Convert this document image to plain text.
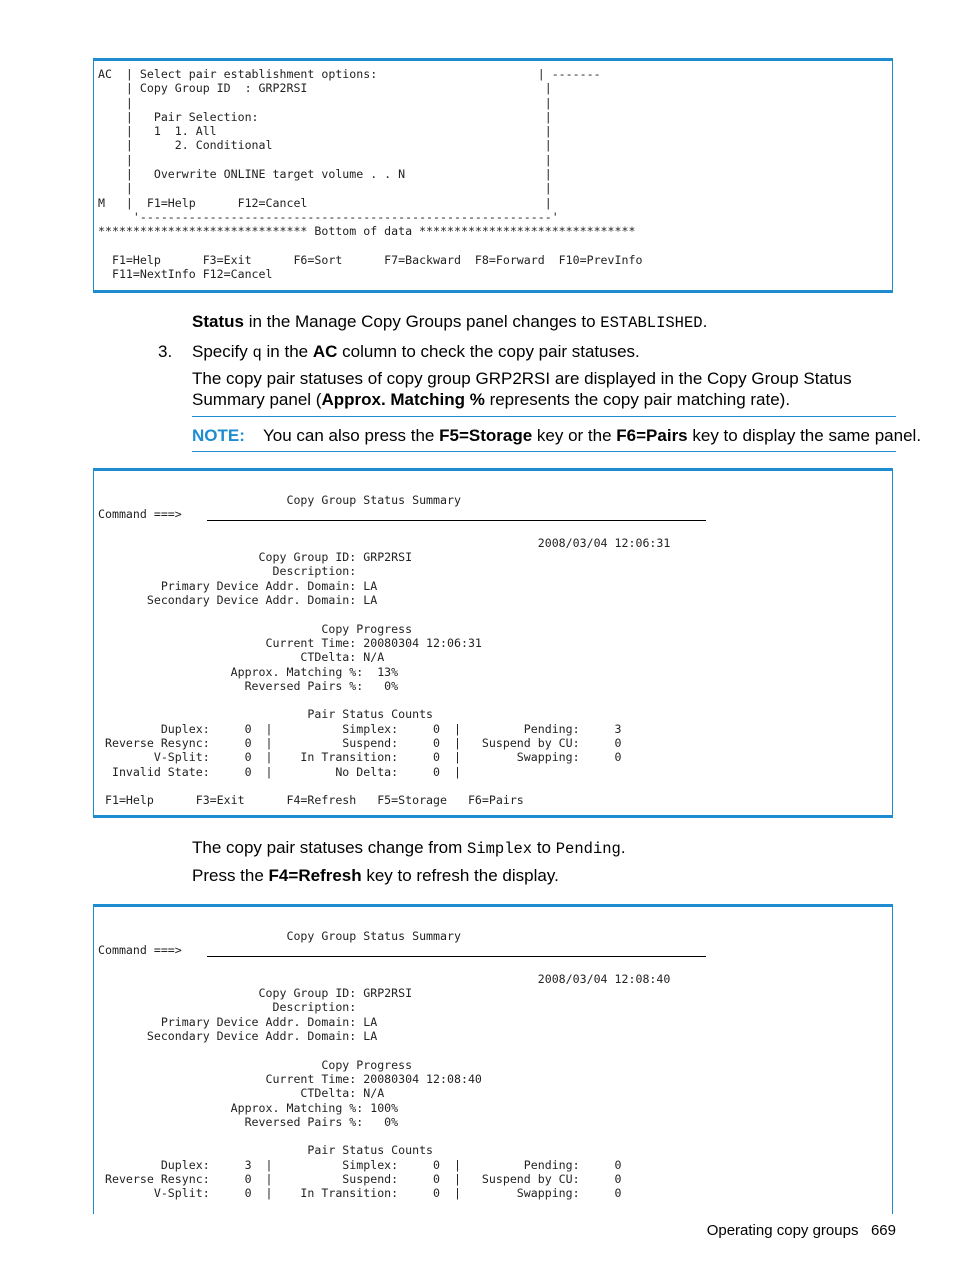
AC  | Select pair establishment options:                       | -------
| Copy Group ID  : GRP2RSI                                  |
|                                                           |
|   Pair Selection:                                         |
|   1  1. All                                               |
|      2. Conditional                                       |
|                                                           |
|   Overwrite ONLINE target volume . . N                    |
|                                                           |
M   |  F1=Help      F12=Cancel                                  |
'-----------------------------------------------------------'
****************************** Bottom of data *******************************

F1=Help      F3=Exit      F6=Sort      F7=Backward  F8=Forward  F10=PrevInfo
F11=NextInfo F12=Cancel
Status in the Manage Copy Groups panel changes to ESTABLISHED.
3. Specify q in the AC column to check the copy pair statuses.
The copy pair statuses of copy group GRP2RSI are displayed in the Copy Group Status
Summary panel (Approx. Matching % represents the copy pair matching rate).
NOTE: You can also press the F5=Storage key or the F6=Pairs key to display the same panel.
Copy Group Status Summary
Command ===>

2008/03/04 12:06:31
Copy Group ID: GRP2RSI
Description:
Primary Device Addr. Domain: LA
Secondary Device Addr. Domain: LA

Copy Progress
Current Time: 20080304 12:06:31
CTDelta: N/A
Approx. Matching %:  13%
Reversed Pairs %:   0%

Pair Status Counts
Duplex:     0  |          Simplex:     0  |         Pending:     3
Reverse Resync:     0  |          Suspend:     0  |   Suspend by CU:     0
V-Split:     0  |    In Transition:     0  |        Swapping:     0
Invalid State:     0  |         No Delta:     0  |

F1=Help      F3=Exit      F4=Refresh   F5=Storage   F6=Pairs
The copy pair statuses change from Simplex to Pending.
Press the F4=Refresh key to refresh the display.
Copy Group Status Summary
Command ===>

2008/03/04 12:08:40
Copy Group ID: GRP2RSI
Description:
Primary Device Addr. Domain: LA
Secondary Device Addr. Domain: LA

Copy Progress
Current Time: 20080304 12:08:40
CTDelta: N/A
Approx. Matching %: 100%
Reversed Pairs %:   0%

Pair Status Counts
Duplex:     3  |          Simplex:     0  |         Pending:     0
Reverse Resync:     0  |          Suspend:     0  |   Suspend by CU:     0
V-Split:     0  |    In Transition:     0  |        Swapping:     0
Operating copy groups 669
